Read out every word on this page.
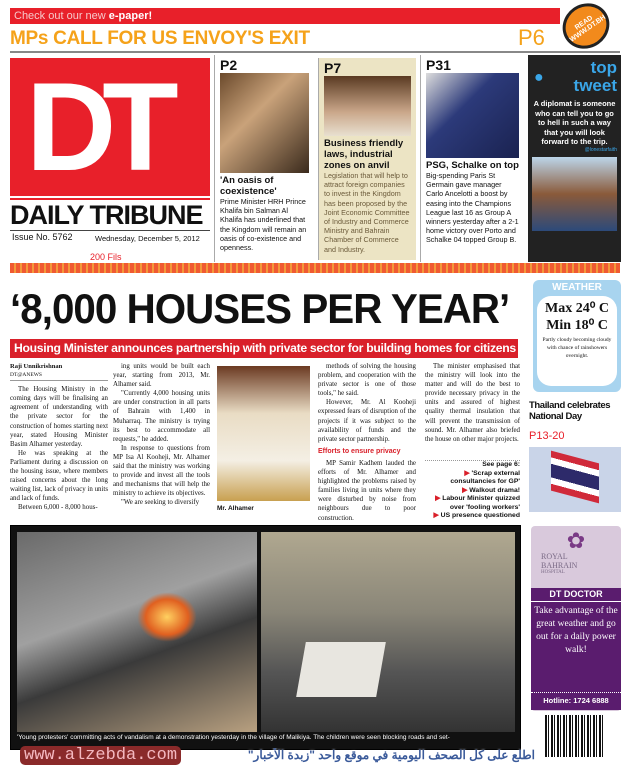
Check out our new e-paper!
MPs CALL FOR US ENVOY'S EXIT	P6
READ WWW.DT.BH
DT
DAILY TRIBUNE
Issue No. 5762	Wednesday, December 5, 2012
200 Fils
P2
'An oasis of coexistence'
Prime Minister HRH Prince Khalifa bin Salman Al Khalifa has underlined that the Kingdom will remain an oasis of co-existence and openness.
P7
Business friendly laws, industrial zones on anvil
Legislation that will help to attract foreign companies to invest in the Kingdom has been proposed by the Joint Economic Committee of Industry and Commerce Ministry and Bahrain Chamber of Commerce and Industry.
P31
PSG, Schalke on top
Big-spending Paris St Germain gave manager Carlo Ancelotti a boost by easing into the Champions League last 16 as Group A winners yesterday after a 2-1 home victory over Porto and Schalke 04 topped Group B.
top
tweet
●
A diplomat is someone who can tell you to go to hell in such a way that you will look forward to the trip.
@lonestarfaith
‘8,000 HOUSES PER YEAR’
Housing Minister announces partnership with private sector for building homes for citizens
Raji Unnikrishnan
DT@ANEWS

The Housing Ministry in the coming days will be finalising an agreement of understanding with the private sector for the construction of homes starting next year, stated Housing Minister Basim Alhamer yesterday.

He was speaking at the Parliament during a discussion on the housing issue, where members raised concerns about the long waiting list, lack of privacy in units and lack of funds.

Between 6,000 - 8,000 hous-

ing units would be built each year, starting from 2013, Mr. Alhamer said.

"Currently 4,000 housing units are under construction in all parts of Bahrain with 1,400 in Muharraq. The ministry is trying its best to accommodate all requests," he added.

In response to questions from MP Isa Al Kooheji, Mr. Alhamer said that the ministry was working to provide and invest all the tools and mechanisms that will help the ministry to achieve its objectives.

"We are seeking to diversify

Mr. Alhamer

methods of solving the housing problem, and cooperation with the private sector is one of those tools," he said.

However, Mr. Al Kooheji expressed fears of disruption of the projects if it was subject to the availability of funds and the private sector partnership.

Efforts to ensure privacy

MP Samir Kadhem lauded the efforts of Mr. Alhamer and highlighted the problems raised by families living in units where they were disturbed by noise from neighbours due to poor construction.

The minister emphasised that the ministry will look into the matter and will do the best to provide necessary privacy in the units and assured of highest quality thermal insulation that will prevent the transmission of sound. Mr. Alhamer also briefed the house on other major projects.

See page 6:
▶ 'Scrap external consultancies for GP'
▶ Walkout drama!
▶ Labour Minister quizzed over 'fooling workers'
▶ US presence questioned
WEATHER
Max 24⁰ C
Min 18⁰ C
Partly cloudy becoming cloudy with chance of rainshowers overnight.
Thailand celebrates National Day
P13-20
✿
ROYAL
BAHRAIN
HOSPITAL
DT DOCTOR
Take advantage of the great weather and go out for a daily power walk!
Hotline: 1724 6888
'Young protesters' committing acts of vandalism at a demonstration yesterday in the village of Malikiya. The children were seen blocking roads and set-
www.alzebda.com	اطلع على كل الصحف اليومية في موقع واحد "زبدة الأخبار"
